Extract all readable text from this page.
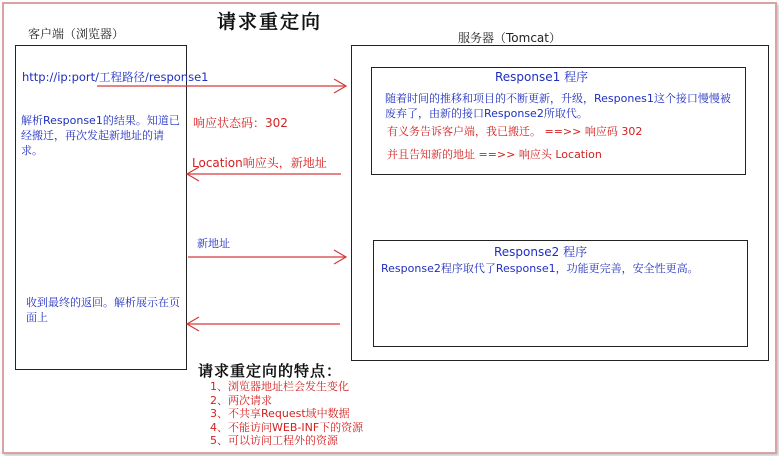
请求重定向
客户端（浏览器）	服务器（Tomcat）
http://ip:port/工程路径/response1
解析Response1的结果。知道已经搬迁，再次发起新地址的请求。
收到最终的返回。解析展示在页面上
响应状态码：302
Location响应头，新地址
新地址
Response1 程序
随着时间的推移和项目的不断更新，升级，Respones1这个接口慢慢被废弃了，由新的接口Response2所取代。
有义务告诉客户端，我已搬迁。 ==>> 响应码 302
并且告知新的地址 ==>> 响应头 Location
Response2 程序
Response2程序取代了Response1，功能更完善，安全性更高。
请求重定向的特点：
1、浏览器地址栏会发生变化
2、两次请求
3、不共享Request域中数据
4、不能访问WEB-INF下的资源
5、可以访问工程外的资源
